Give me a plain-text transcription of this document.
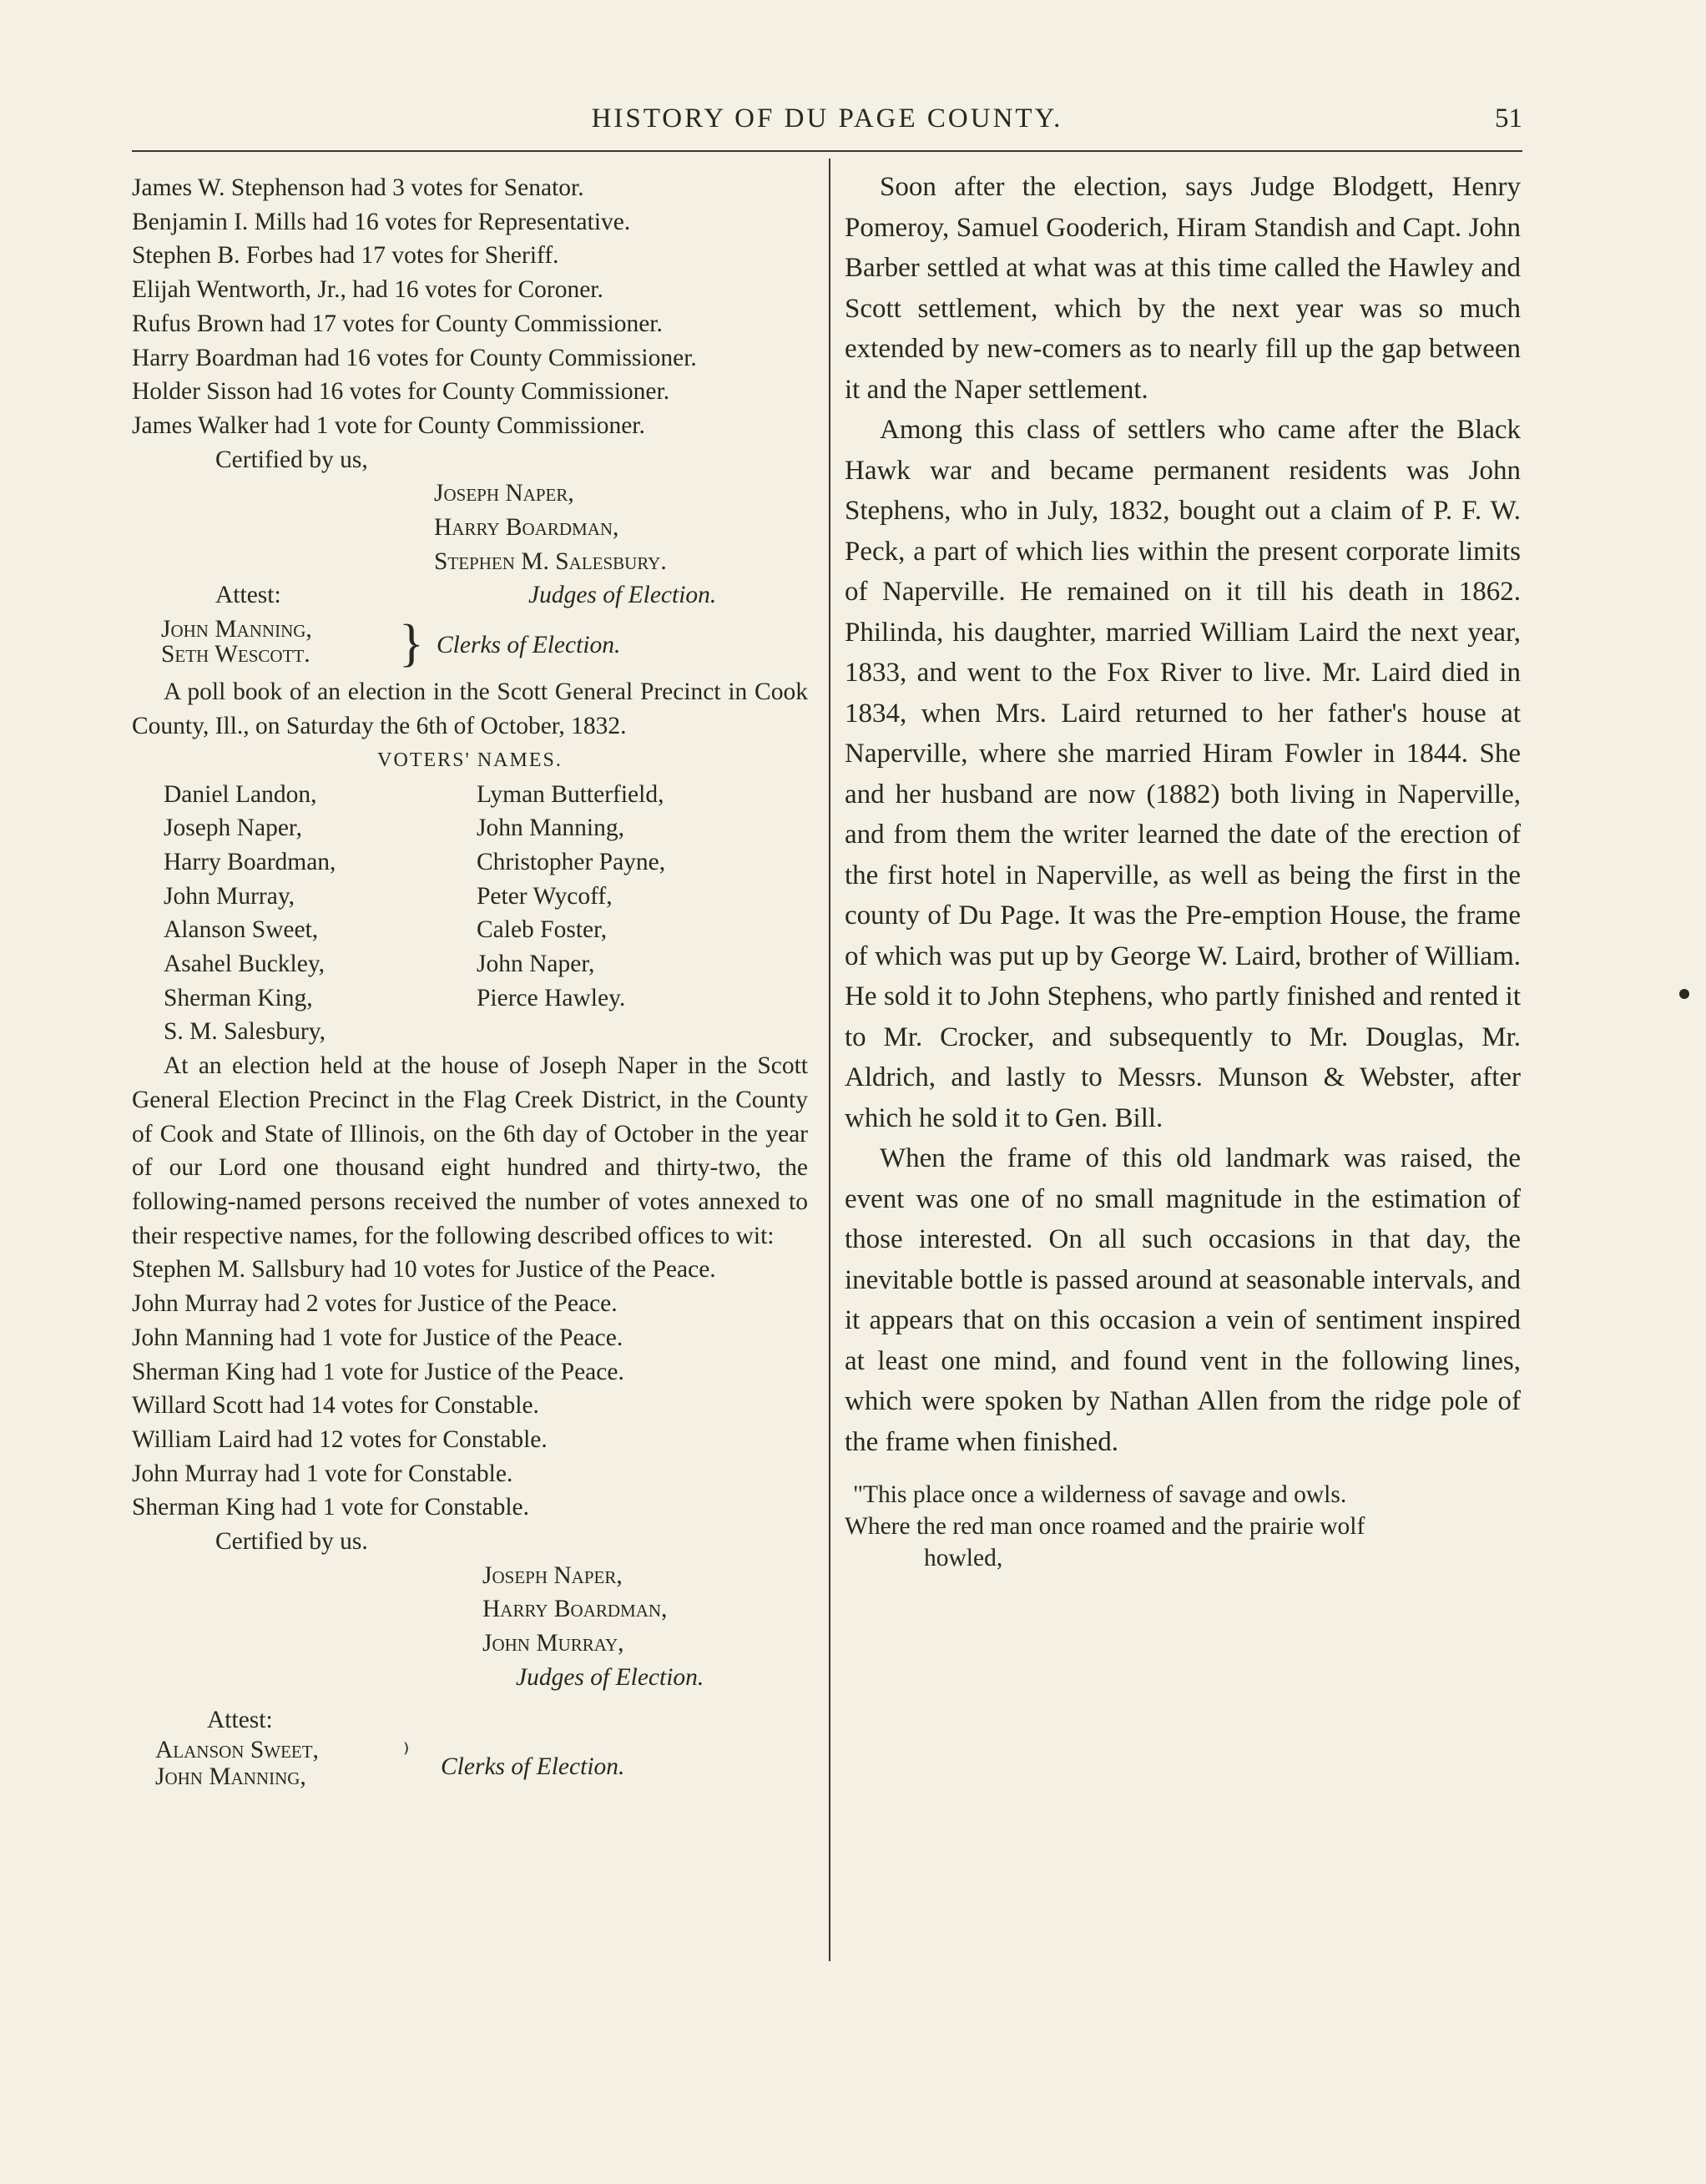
HISTORY OF DU PAGE COUNTY.	51
James W. Stephenson had 3 votes for Senator.
Benjamin I. Mills had 16 votes for Representative.
Stephen B. Forbes had 17 votes for Sheriff.
Elijah Wentworth, Jr., had 16 votes for Coroner.
Rufus Brown had 17 votes for County Commissioner.
Harry Boardman had 16 votes for County Commissioner.
Holder Sisson had 16 votes for County Commissioner.
James Walker had 1 vote for County Commissioner.
Certified by us,
Joseph Naper,
Harry Boardman,
Stephen M. Salesbury.
Attest:	Judges of Election.
John Manning,
Seth Wescott. } Clerks of Election.
A poll book of an election in the Scott General Precinct in Cook County, Ill., on Saturday the 6th of October, 1832.
VOTERS' NAMES.
Daniel Landon,	Lyman Butterfield,
Joseph Naper,	John Manning,
Harry Boardman,	Christopher Payne,
John Murray,	Peter Wycoff,
Alanson Sweet,	Caleb Foster,
Asahel Buckley,	John Naper,
Sherman King,	Pierce Hawley.
S. M. Salesbury,
At an election held at the house of Joseph Naper in the Scott General Election Precinct in the Flag Creek District, in the County of Cook and State of Illinois, on the 6th day of October in the year of our Lord one thousand eight hundred and thirty-two, the following-named persons received the number of votes annexed to their respective names, for the following described offices to wit:
Stephen M. Sallsbury had 10 votes for Justice of the Peace.
John Murray had 2 votes for Justice of the Peace.
John Manning had 1 vote for Justice of the Peace.
Sherman King had 1 vote for Justice of the Peace.
Willard Scott had 14 votes for Constable.
William Laird had 12 votes for Constable.
John Murray had 1 vote for Constable.
Sherman King had 1 vote for Constable.
Certified by us.
Joseph Naper,
Harry Boardman,
John Murray,
Judges of Election.
Attest:
Alanson Sweet,
John Manning,
⁾ Clerks of Election.

Soon after the election, says Judge Blodgett, Henry Pomeroy, Samuel Gooderich, Hiram Standish and Capt. John Barber settled at what was at this time called the Hawley and Scott settlement, which by the next year was so much extended by new-comers as to nearly fill up the gap between it and the Naper settlement.

Among this class of settlers who came after the Black Hawk war and became permanent residents was John Stephens, who in July, 1832, bought out a claim of P. F. W. Peck, a part of which lies within the present corporate limits of Naperville. He remained on it till his death in 1862. Philinda, his daughter, married William Laird the next year, 1833, and went to the Fox River to live. Mr. Laird died in 1834, when Mrs. Laird returned to her father's house at Naperville, where she married Hiram Fowler in 1844. She and her husband are now (1882) both living in Naperville, and from them the writer learned the date of the erection of the first hotel in Naperville, as well as being the first in the county of Du Page. It was the Pre-emption House, the frame of which was put up by George W. Laird, brother of William. He sold it to John Stephens, who partly finished and rented it to Mr. Crocker, and subsequently to Mr. Douglas, Mr. Aldrich, and lastly to Messrs. Munson & Webster, after which he sold it to Gen. Bill.

When the frame of this old landmark was raised, the event was one of no small magnitude in the estimation of those interested. On all such occasions in that day, the inevitable bottle is passed around at seasonable intervals, and it appears that on this occasion a vein of sentiment inspired at least one mind, and found vent in the following lines, which were spoken by Nathan Allen from the ridge pole of the frame when finished.

"This place once a wilderness of savage and owls.
Where the red man once roamed and the prairie wolf
howled,
